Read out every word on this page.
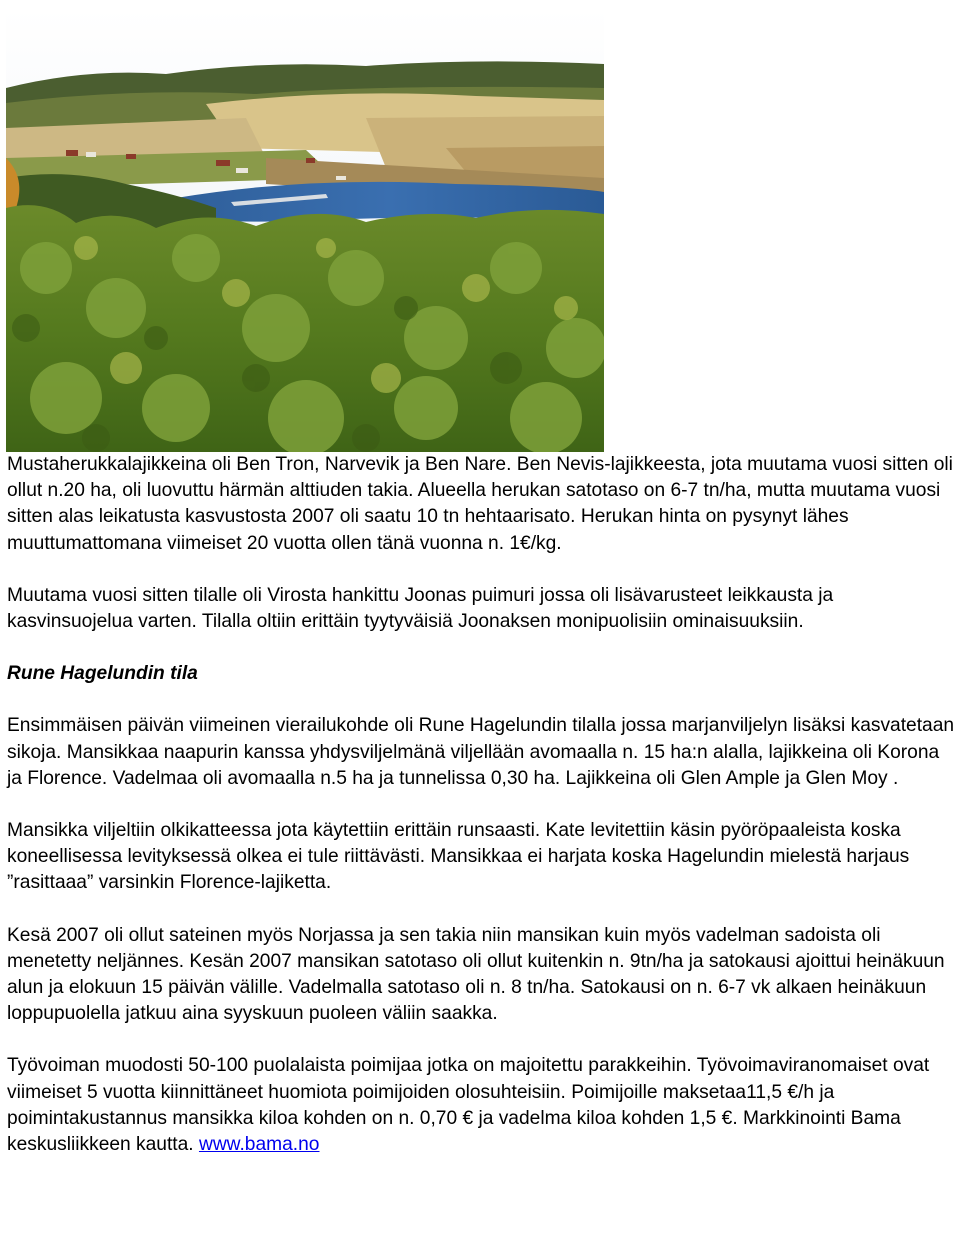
Mustaherukkalajikkeina oli Ben Tron, Narvevik ja Ben Nare. Ben Nevis-lajikkeesta, jota muutama vuosi sitten oli ollut n.20 ha, oli luovuttu härmän alttiuden takia. Alueella herukan satotaso on 6-7 tn/ha, mutta muutama vuosi sitten alas leikatusta kasvustosta 2007 oli saatu 10 tn hehtaarisato. Herukan hinta on pysynyt lähes muuttumattomana viimeiset 20 vuotta ollen tänä vuonna n. 1€/kg.

Muutama vuosi sitten tilalle oli Virosta hankittu Joonas puimuri jossa oli lisävarusteet leikkausta ja kasvinsuojelua varten. Tilalla oltiin erittäin tyytyväisiä Joonaksen monipuolisiin ominaisuuksiin.

Rune Hagelundin tila

Ensimmäisen päivän viimeinen vierailukohde oli Rune Hagelundin tilalla jossa marjanviljelyn lisäksi kasvatetaan sikoja. Mansikkaa naapurin kanssa yhdysviljelmänä viljellään avomaalla n. 15 ha:n alalla, lajikkeina oli Korona ja Florence. Vadelmaa oli avomaalla n.5 ha ja tunnelissa 0,30 ha. Lajikkeina oli Glen Ample ja Glen Moy .

Mansikka viljeltiin olkikatteessa jota käytettiin erittäin runsaasti. Kate levitettiin käsin pyöröpaaleista koska koneellisessa levityksessä olkea ei tule riittävästi. Mansikkaa ei harjata koska Hagelundin mielestä harjaus ”rasittaaa” varsinkin Florence-lajiketta.

Kesä 2007 oli ollut sateinen myös Norjassa ja sen takia niin mansikan kuin myös vadelman sadoista oli menetetty neljännes. Kesän 2007 mansikan satotaso oli ollut kuitenkin n. 9tn/ha ja satokausi ajoittui heinäkuun alun ja elokuun 15 päivän välille. Vadelmalla satotaso oli n. 8 tn/ha. Satokausi on n. 6-7 vk alkaen heinäkuun loppupuolella jatkuu aina syyskuun puoleen väliin saakka.

Työvoiman muodosti 50-100 puolalaista poimijaa jotka on majoitettu parakkeihin. Työvoimaviranomaiset ovat viimeiset 5 vuotta kiinnittäneet huomiota poimijoiden olosuhteisiin. Poimijoille maksetaa11,5 €/h ja poimintakustannus mansikka kiloa kohden on n. 0,70 € ja vadelma kiloa kohden 1,5 €. Markkinointi Bama keskusliikkeen kautta. www.bama.no
